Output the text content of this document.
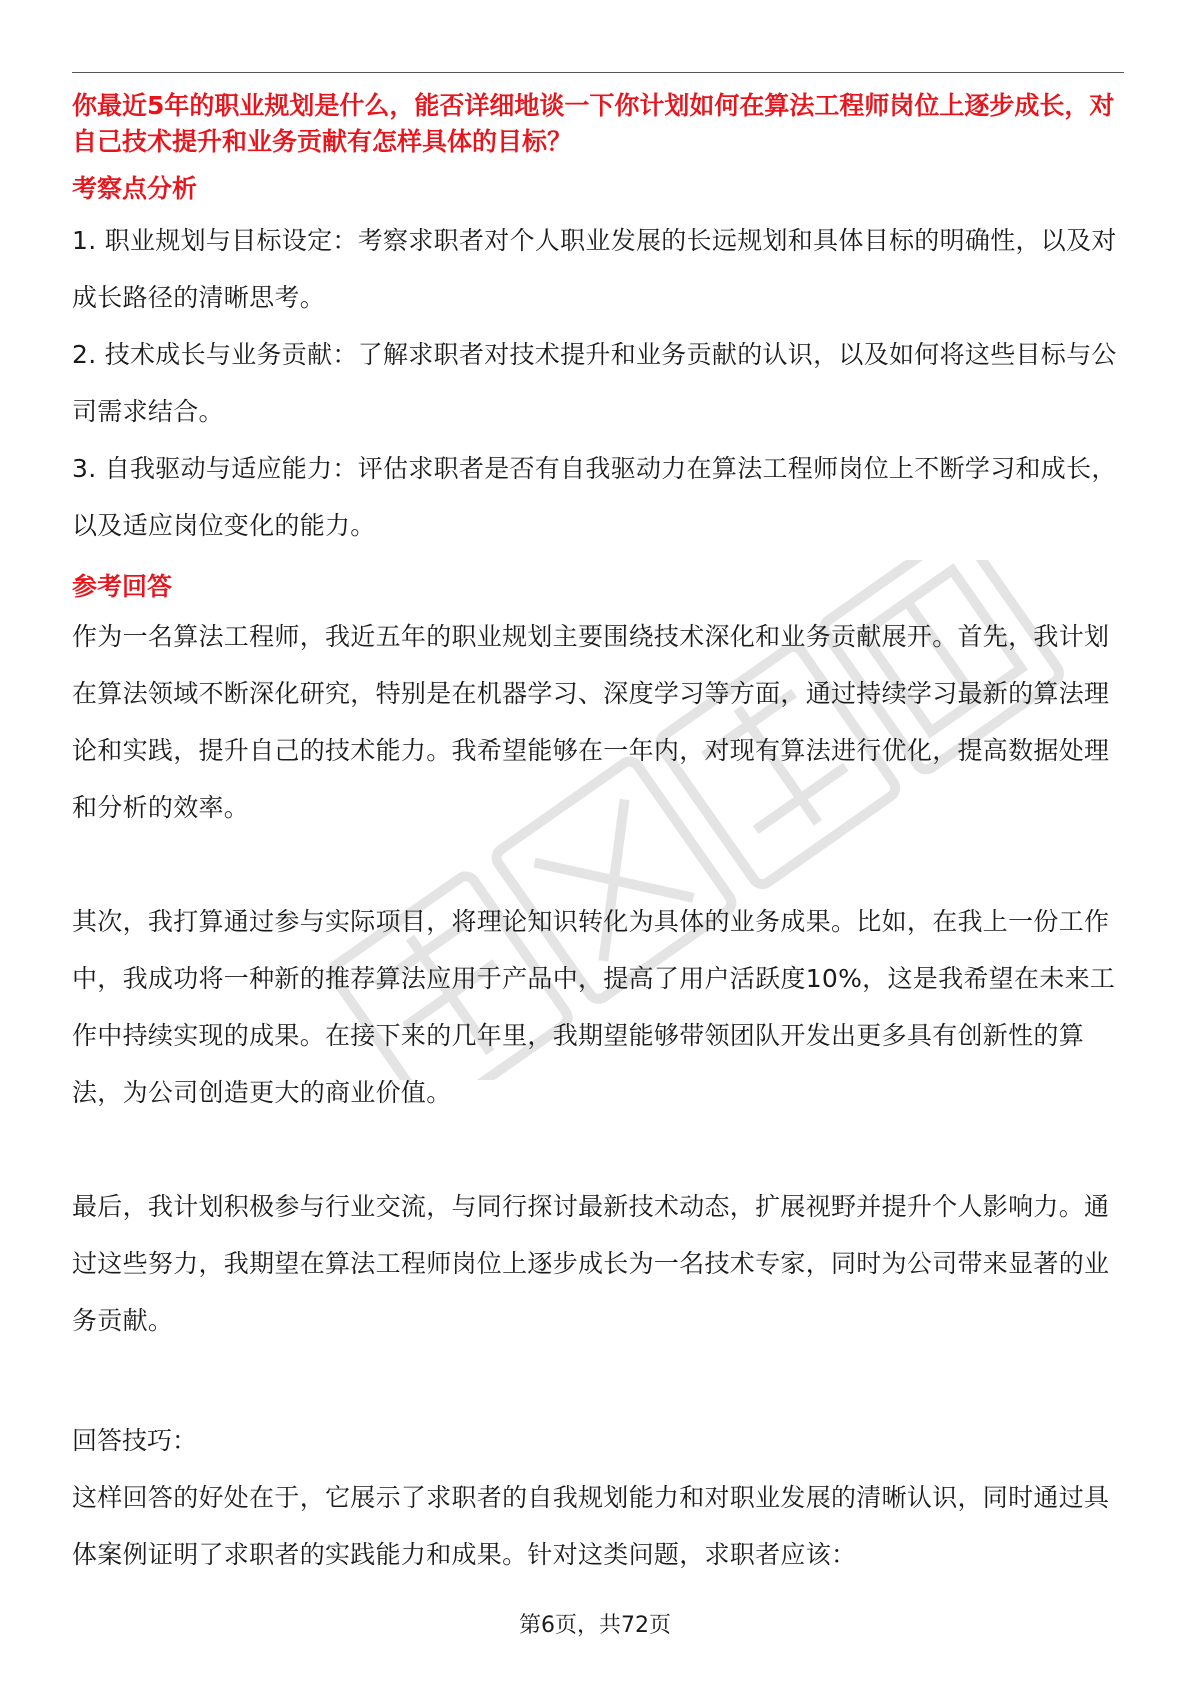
你最近5年的职业规划是什么，能否详细地谈一下你计划如何在算法工程师岗位上逐步成长，对自己技术提升和业务贡献有怎样具体的目标？

考察点分析
1. 职业规划与目标设定：考察求职者对个人职业发展的长远规划和具体目标的明确性，以及对成长路径的清晰思考。
2. 技术成长与业务贡献：了解求职者对技术提升和业务贡献的认识，以及如何将这些目标与公司需求结合。
3. 自我驱动与适应能力：评估求职者是否有自我驱动力在算法工程师岗位上不断学习和成长，以及适应岗位变化的能力。
参考回答

作为一名算法工程师，我近五年的职业规划主要围绕技术深化和业务贡献展开。首先，我计划在算法领域不断深化研究，特别是在机器学习、深度学习等方面，通过持续学习最新的算法理论和实践，提升自己的技术能力。我希望能够在一年内，对现有算法进行优化，提高数据处理和分析的效率。

其次，我打算通过参与实际项目，将理论知识转化为具体的业务成果。比如，在我上一份工作中，我成功将一种新的推荐算法应用于产品中，提高了用户活跃度10%，这是我希望在未来工作中持续实现的成果。在接下来的几年里，我期望能够带领团队开发出更多具有创新性的算法，为公司创造更大的商业价值。

最后，我计划积极参与行业交流，与同行探讨最新技术动态，扩展视野并提升个人影响力。通过这些努力，我期望在算法工程师岗位上逐步成长为一名技术专家，同时为公司带来显著的业务贡献。

回答技巧：

这样回答的好处在于，它展示了求职者的自我规划能力和对职业发展的清晰认识，同时通过具体案例证明了求职者的实践能力和成果。针对这类问题，求职者应该：

第6页，共72页
